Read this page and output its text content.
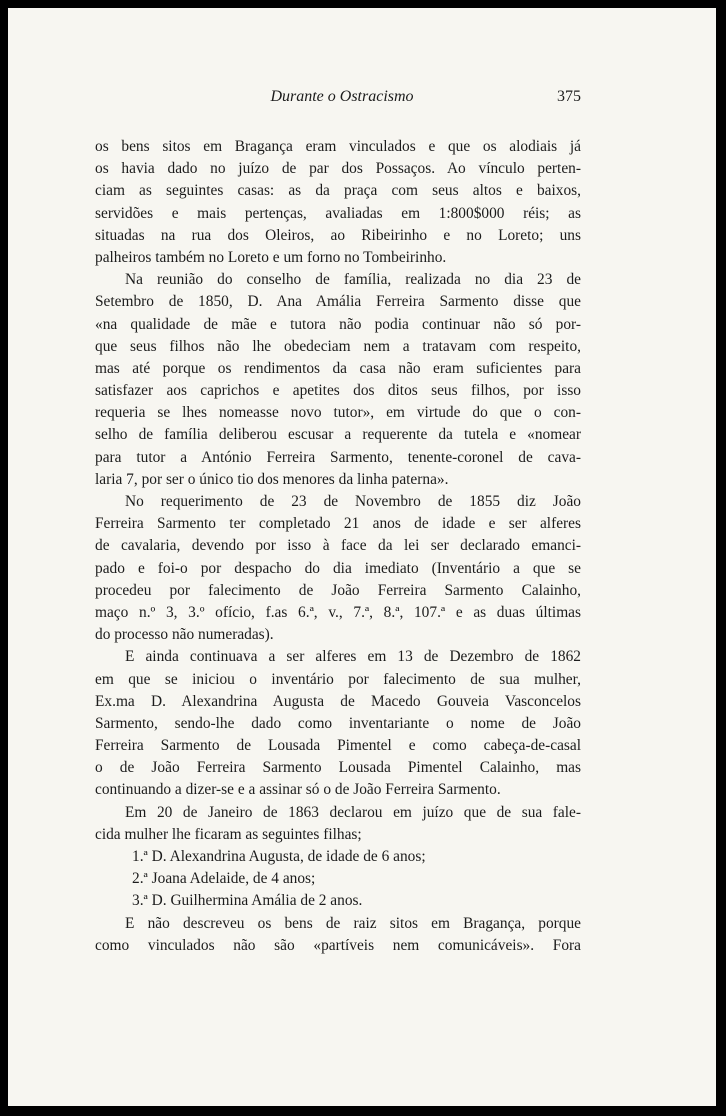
Durante o Ostracismo	375
os bens sitos em Bragança eram vinculados e que os alodiais já
os havia dado no juízo de par dos Possaços. Ao vínculo perten-
ciam as seguintes casas: as da praça com seus altos e baixos,
servidões e mais pertenças, avaliadas em 1:800$000 réis; as
situadas na rua dos Oleiros, ao Ribeirinho e no Loreto; uns
palheiros também no Loreto e um forno no Tombeirinho.
Na reunião do conselho de família, realizada no dia 23 de
Setembro de 1850, D. Ana Amália Ferreira Sarmento disse que
«na qualidade de mãe e tutora não podia continuar não só por-
que seus filhos não lhe obedeciam nem a tratavam com respeito,
mas até porque os rendimentos da casa não eram suficientes para
satisfazer aos caprichos e apetites dos ditos seus filhos, por isso
requeria se lhes nomeasse novo tutor», em virtude do que o con-
selho de família deliberou escusar a requerente da tutela e «nomear
para tutor a António Ferreira Sarmento, tenente-coronel de cava-
laria 7, por ser o único tio dos menores da linha paterna».
No requerimento de 23 de Novembro de 1855 diz João
Ferreira Sarmento ter completado 21 anos de idade e ser alferes
de cavalaria, devendo por isso à face da lei ser declarado emanci-
pado e foi-o por despacho do dia imediato (Inventário a que se
procedeu por falecimento de João Ferreira Sarmento Calainho,
maço n.º 3, 3.º ofício, f.as 6.ª, v., 7.ª, 8.ª, 107.ª e as duas últimas
do processo não numeradas).
E ainda continuava a ser alferes em 13 de Dezembro de 1862
em que se iniciou o inventário por falecimento de sua mulher,
Ex.ma D. Alexandrina Augusta de Macedo Gouveia Vasconcelos
Sarmento, sendo-lhe dado como inventariante o nome de João
Ferreira Sarmento de Lousada Pimentel e como cabeça-de-casal
o de João Ferreira Sarmento Lousada Pimentel Calainho, mas
continuando a dizer-se e a assinar só o de João Ferreira Sarmento.
Em 20 de Janeiro de 1863 declarou em juízo que de sua fale-
cida mulher lhe ficaram as seguintes filhas;
1.ª D. Alexandrina Augusta, de idade de 6 anos;
2.ª Joana Adelaide, de 4 anos;
3.ª D. Guilhermina Amália de 2 anos.
E não descreveu os bens de raiz sitos em Bragança, porque
como vinculados não são «partíveis nem comunicáveis». Fora
